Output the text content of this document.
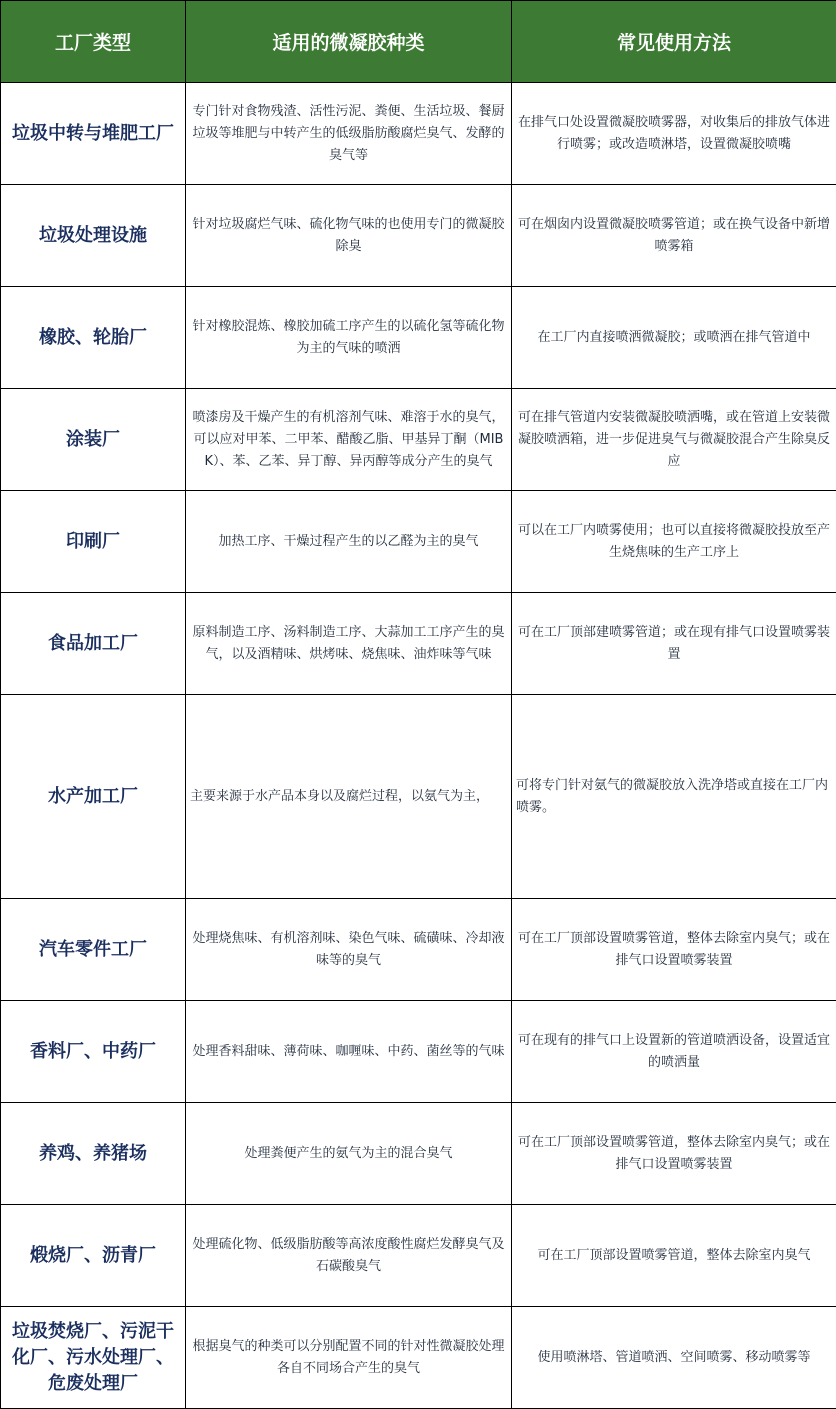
工厂类型	适用的微凝胶种类	常见使用方法
垃圾中转与堆肥工厂	专门针对食物残渣、活性污泥、粪便、生活垃圾、餐厨垃圾等堆肥与中转产生的低级脂肪酸腐烂臭气、发酵的臭气等	在排气口处设置微凝胶喷雾器，对收集后的排放气体进行喷雾；或改造喷淋塔，设置微凝胶喷嘴
垃圾处理设施	针对垃圾腐烂气味、硫化物气味的也使用专门的微凝胶除臭	可在烟囱内设置微凝胶喷雾管道；或在换气设备中新增喷雾箱
橡胶、轮胎厂	针对橡胶混炼、橡胶加硫工序产生的以硫化氢等硫化物为主的气味的喷洒	在工厂内直接喷洒微凝胶；或喷洒在排气管道中
涂装厂	喷漆房及干燥产生的有机溶剂气味、难溶于水的臭气，可以应对甲苯、二甲苯、醋酸乙脂、甲基异丁酮（MIBK）、苯、乙苯、异丁醇、异丙醇等成分产生的臭气	可在排气管道内安装微凝胶喷洒嘴，或在管道上安装微凝胶喷洒箱，进一步促进臭气与微凝胶混合产生除臭反应
印刷厂	加热工序、干燥过程产生的以乙醛为主的臭气	可以在工厂内喷雾使用；也可以直接将微凝胶投放至产生烧焦味的生产工序上
食品加工厂	原料制造工序、汤料制造工序、大蒜加工工序产生的臭气，以及酒精味、烘烤味、烧焦味、油炸味等气味	可在工厂顶部建喷雾管道；或在现有排气口设置喷雾装置
水产加工厂	主要来源于水产品本身以及腐烂过程，以氨气为主，	可将专门针对氨气的微凝胶放入洗净塔或直接在工厂内喷雾。
汽车零件工厂	处理烧焦味、有机溶剂味、染色气味、硫磺味、冷却液味等的臭气	可在工厂顶部设置喷雾管道，整体去除室内臭气；或在排气口设置喷雾装置
香料厂、中药厂	处理香料甜味、薄荷味、咖喱味、中药、菌丝等的气味	可在现有的排气口上设置新的管道喷洒设备，设置适宜的喷洒量
养鸡、养猪场	处理粪便产生的氨气为主的混合臭气	可在工厂顶部设置喷雾管道，整体去除室内臭气；或在排气口设置喷雾装置
煅烧厂、沥青厂	处理硫化物、低级脂肪酸等高浓度酸性腐烂发酵臭气及石碳酸臭气	可在工厂顶部设置喷雾管道，整体去除室内臭气
垃圾焚烧厂、污泥干化厂、污水处理厂、危废处理厂	根据臭气的种类可以分别配置不同的针对性微凝胶处理各自不同场合产生的臭气	使用喷淋塔、管道喷洒、空间喷雾、移动喷雾等
